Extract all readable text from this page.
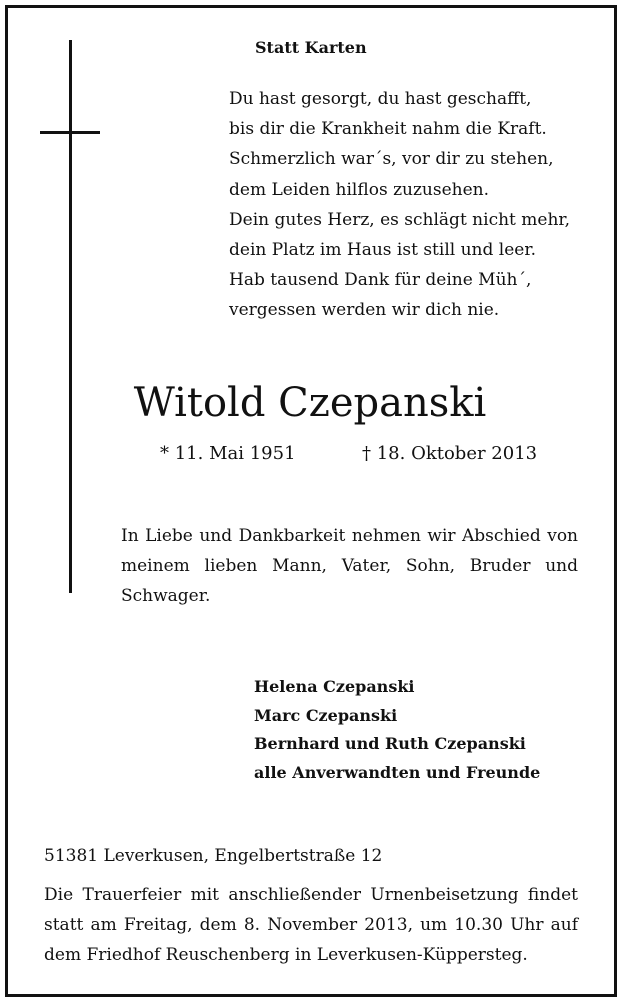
Statt Karten
Du hast gesorgt, du hast geschafft,
bis dir die Krankheit nahm die Kraft.
Schmerzlich war´s, vor dir zu stehen,
dem Leiden hilflos zuzusehen.
Dein gutes Herz, es schlägt nicht mehr,
dein Platz im Haus ist still und leer.
Hab tausend Dank für deine Müh´,
vergessen werden wir dich nie.
Witold Czepanski
* 11. Mai 1951	† 18. Oktober 2013
In Liebe und Dankbarkeit nehmen wir Abschied von meinem lieben Mann, Vater, Sohn, Bruder und Schwager.
Helena Czepanski
Marc Czepanski
Bernhard und Ruth Czepanski
alle Anverwandten und Freunde
51381 Leverkusen, Engelbertstraße 12
Die Trauerfeier mit anschließender Urnenbeisetzung findet statt am Freitag, dem 8. November 2013, um 10.30 Uhr auf dem Friedhof Reuschenberg in Leverkusen-Küppersteg.
